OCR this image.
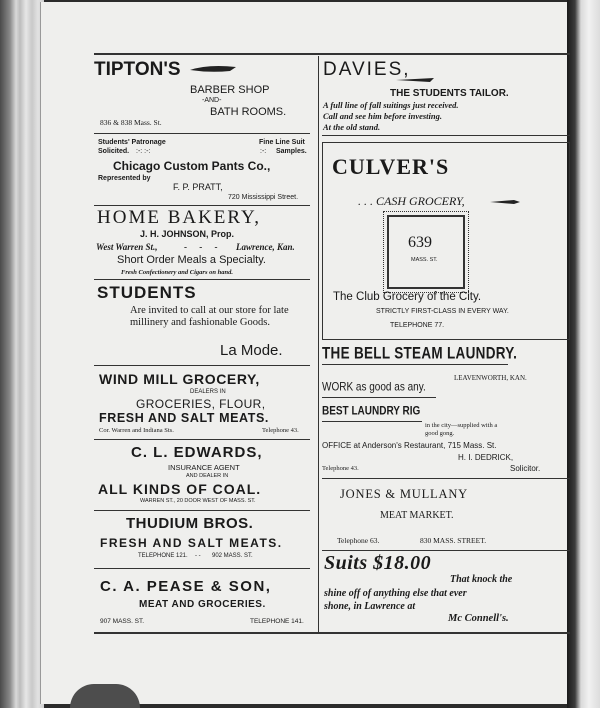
TIPTON'S
BARBER SHOP
-AND-
BATH ROOMS.
836 & 838 Mass. St.
Students' Patronage
Solicited. :-: :-:
Fine Line Suit
:-: Samples.
Chicago Custom Pants Co.,
Represented by
F. P. PRATT,
720 Mississippi Street.
HOME BAKERY,
J. H. JOHNSON, Prop.
West Warren St.,	- - - Lawrence, Kan.
Short Order Meals a Specialty.
Fresh Confectionery and Cigars on hand.
STUDENTS
Are invited to call at our store for late millinery and fashionable Goods.
La Mode.
WIND MILL GROCERY,
DEALERS IN
GROCERIES, FLOUR,
FRESH AND SALT MEATS.
Cor. Warren and Indiana Sts.	Telephone 43.
C. L. EDWARDS,
INSURANCE AGENT
AND DEALER IN
ALL KINDS OF COAL.
WARREN ST., 20 DOOR WEST OF MASS. ST.
THUDIUM BROS.
FRESH AND SALT MEATS.
TELEPHONE 121. - - 902 MASS. ST.
C. A. PEASE & SON,
MEAT AND GROCERIES.
907 MASS. ST.	TELEPHONE 141.
DAVIES,
THE STUDENTS TAILOR.
A full line of fall suitings just received.
Call and see him before investing.
At the old stand.
CULVER'S
. . . CASH GROCERY,
639
MASS. ST.
The Club Grocery of the City.
STRICTLY FIRST-CLASS IN EVERY WAY.
TELEPHONE 77.
THE BELL STEAM LAUNDRY.
LEAVENWORTH, KAN.
WORK as good as any.
BEST LAUNDRY RIG
in the city—supplied with a
good gong.
OFFICE at Anderson's Restaurant, 715 Mass. St.
H. I. DEDRICK,
Telephone 43.	Solicitor.
JONES & MULLANY
MEAT MARKET.
Telephone 63.	830 MASS. STREET.
Suits $18.00
That knock the
shine off of anything else that ever
shone, in Lawrence at
Mc Connell's.
